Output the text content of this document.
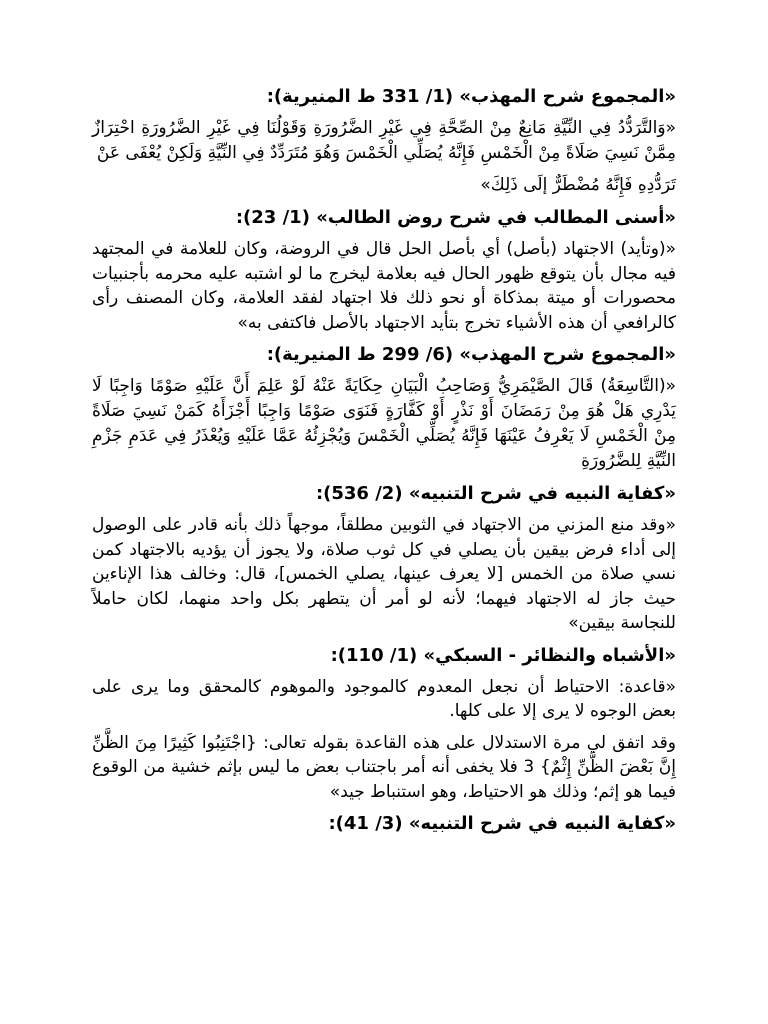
«المجموع شرح المهذب» (1/ 331 ط المنيرية):

«وَالتَّرَدُّدُ فِي النِّيَّةِ مَانِعٌ مِنْ الصِّحَّةِ فِي غَيْرِ الضَّرُورَةِ وَقَوْلُنَا فِي غَيْرِ الضَّرُورَةِ احْتِرَازٌ مِمَّنْ نَسِيَ صَلَاةً مِنْ الْخَمْسِ فَإِنَّهُ يُصَلِّي الْخَمْسَ وَهُوَ مُتَرَدِّدٌ فِي النِّيَّةِ وَلَكِنْ يُعْفَى عَنْ

تَرَدُّدِهِ فَإِنَّهُ مُضْطَرٌّ إلَى ذَلِكَ»

«أسنى المطالب في شرح روض الطالب» (1/ 23):

«(وتأيد) الاجتهاد (بأصل) أي بأصل الحل قال في الروضة، وكان للعلامة في المجتهد فيه مجال بأن يتوقع ظهور الحال فيه بعلامة ليخرج ما لو اشتبه عليه محرمه بأجنبيات محصورات أو ميتة بمذكاة أو نحو ذلك فلا اجتهاد لفقد العلامة، وكان المصنف رأى كالرافعي أن هذه الأشياء تخرج بتأيد الاجتهاد بالأصل فاكتفى به»

«المجموع شرح المهذب» (6/ 299 ط المنيرية):

«(التَّاسِعَةُ) قَالَ الصَّيْمَرِيُّ وَصَاحِبُ الْبَيَانِ حِكَايَةً عَنْهُ لَوْ عَلِمَ أَنَّ عَلَيْهِ صَوْمًا وَاجِبًا لَا يَدْرِي هَلْ هُوَ مِنْ رَمَضَانَ أَوْ نَذْرٍ أَوْ كَفَّارَةٍ فَنَوَى صَوْمًا وَاجِبًا أَجْزَأَهُ كَمَنْ نَسِيَ صَلَاةً مِنْ الْخَمْسِ لَا يَعْرِفُ عَيْنَهَا فَإِنَّهُ يُصَلِّي الْخَمْسَ وَيُجْزِئُهُ عَمَّا عَلَيْهِ وَيُعْذَرُ فِي عَدَمِ جَزْمِ النِّيَّةِ لِلضَّرُورَةِ

«كفاية النبيه في شرح التنبيه» (2/ 536):

«وقد منع المزني من الاجتهاد في الثوبين مطلقاً، موجهاً ذلك بأنه قادر على الوصول إلى أداء فرض بيقين بأن يصلي في كل ثوب صلاة، ولا يجوز أن يؤديه بالاجتهاد كمن نسي صلاة من الخمس [لا يعرف عينها، يصلي الخمس]، قال: وخالف هذا الإناءين حيث جاز له الاجتهاد فيهما؛ لأنه لو أمر أن يتطهر بكل واحد منهما، لكان حاملاً للنجاسة بيقين»

«الأشباه والنظائر - السبكي» (1/ 110):

«قاعدة: الاحتياط أن نجعل المعدوم كالموجود والموهوم كالمحقق وما يرى على بعض الوجوه لا يرى إلا على كلها.

وقد اتفق لي مرة الاستدلال على هذه القاعدة بقوله تعالى: {اجْتَنِبُوا كَثِيرًا مِنَ الظَّنِّ إِنَّ بَعْضَ الظَّنِّ إِثْمٌ} 3 فلا يخفى أنه أمر باجتناب بعض ما ليس بإثم خشية من الوقوع فيما هو إثم؛ وذلك هو الاحتياط، وهو استنباط جيد»

«كفاية النبيه في شرح التنبيه» (3/ 41):
